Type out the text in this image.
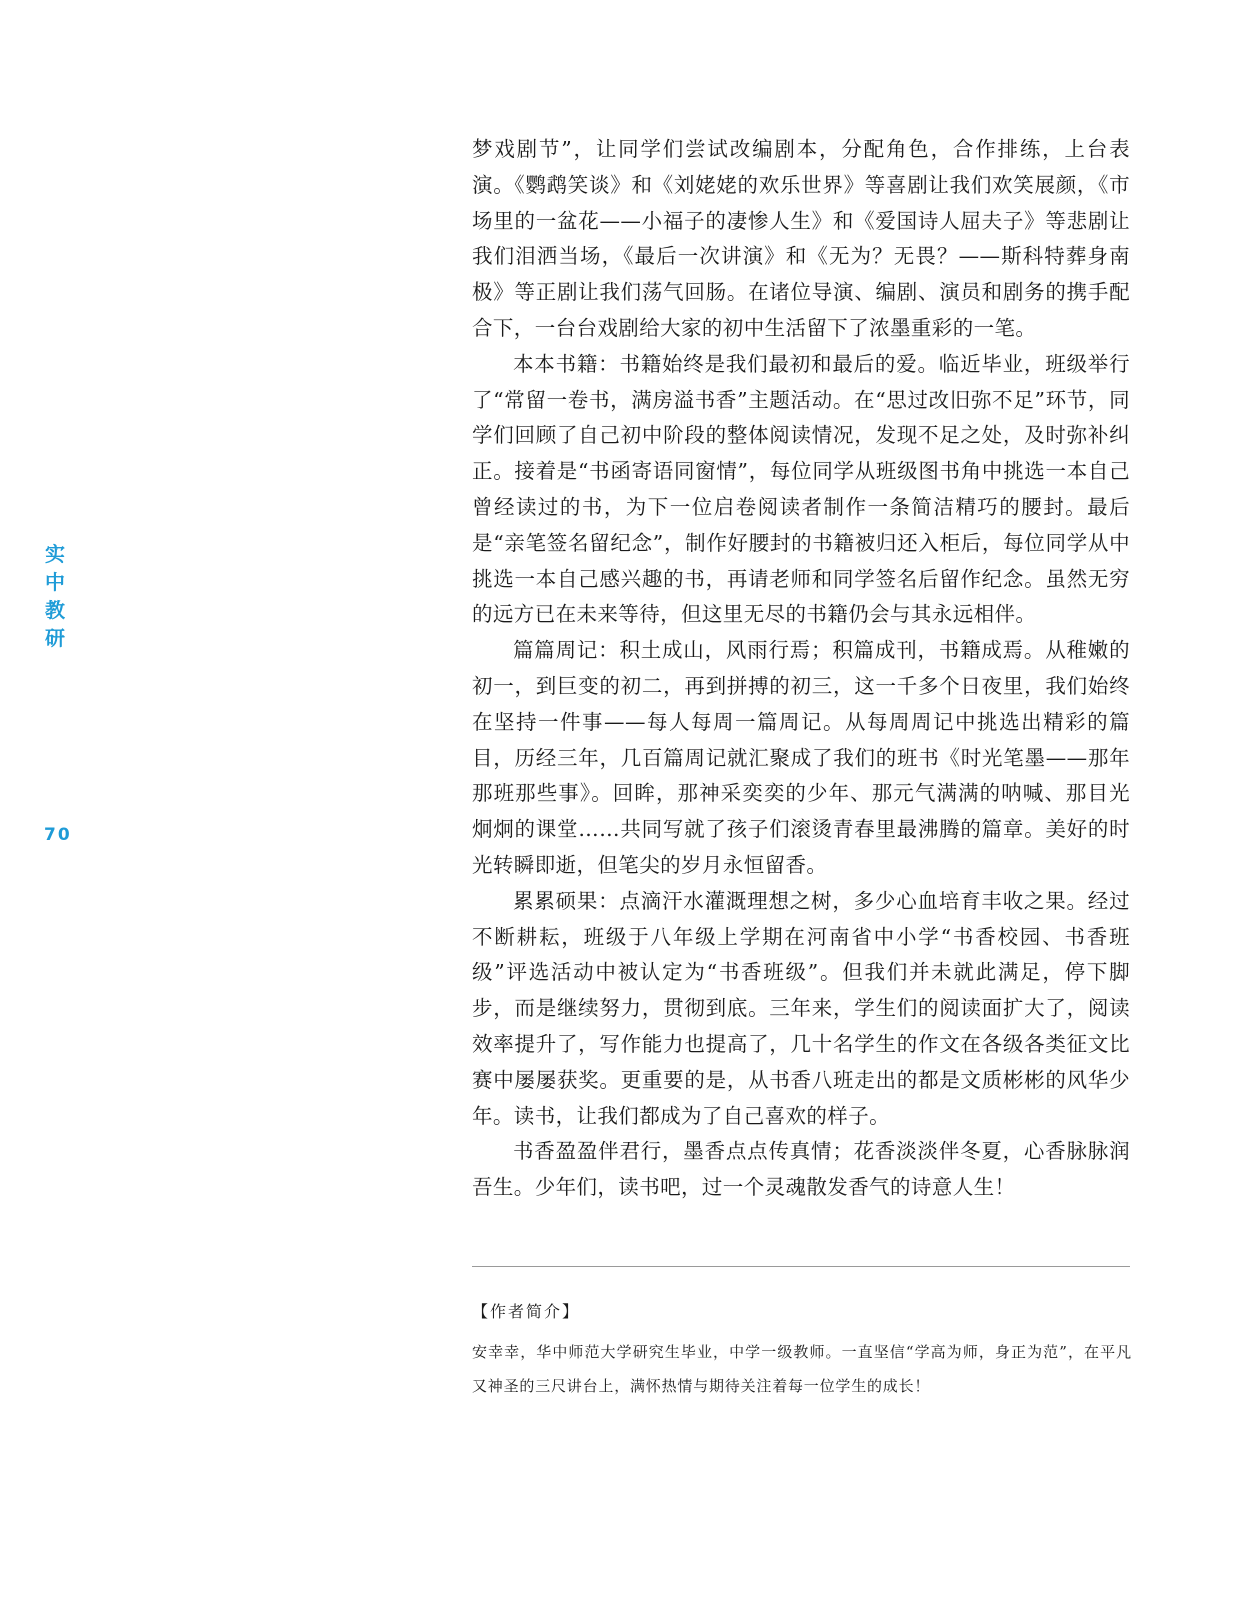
实中教研
70

梦戏剧节”，让同学们尝试改编剧本，分配角色，合作排练，上台表演。《鹦鹉笑谈》和《刘姥姥的欢乐世界》等喜剧让我们欢笑展颜，《市场里的一盆花——小福子的凄惨人生》和《爱国诗人屈夫子》等悲剧让我们泪洒当场，《最后一次讲演》和《无为？无畏？——斯科特葬身南极》等正剧让我们荡气回肠。在诸位导演、编剧、演员和剧务的携手配合下，一台台戏剧给大家的初中生活留下了浓墨重彩的一笔。

本本书籍：书籍始终是我们最初和最后的爱。临近毕业，班级举行了“常留一卷书，满房溢书香”主题活动。在“思过改旧弥不足”环节，同学们回顾了自己初中阶段的整体阅读情况，发现不足之处，及时弥补纠正。接着是“书函寄语同窗情”，每位同学从班级图书角中挑选一本自己曾经读过的书，为下一位启卷阅读者制作一条简洁精巧的腰封。最后是“亲笔签名留纪念”，制作好腰封的书籍被归还入柜后，每位同学从中挑选一本自己感兴趣的书，再请老师和同学签名后留作纪念。虽然无穷的远方已在未来等待，但这里无尽的书籍仍会与其永远相伴。

篇篇周记：积土成山，风雨行焉；积篇成刊，书籍成焉。从稚嫩的初一，到巨变的初二，再到拼搏的初三，这一千多个日夜里，我们始终在坚持一件事——每人每周一篇周记。从每周周记中挑选出精彩的篇目，历经三年，几百篇周记就汇聚成了我们的班书《时光笔墨——那年那班那些事》。回眸，那神采奕奕的少年、那元气满满的呐喊、那目光炯炯的课堂……共同写就了孩子们滚烫青春里最沸腾的篇章。美好的时光转瞬即逝，但笔尖的岁月永恒留香。

累累硕果：点滴汗水灌溉理想之树，多少心血培育丰收之果。经过不断耕耘，班级于八年级上学期在河南省中小学“书香校园、书香班级”评选活动中被认定为“书香班级”。但我们并未就此满足，停下脚步，而是继续努力，贯彻到底。三年来，学生们的阅读面扩大了，阅读效率提升了，写作能力也提高了，几十名学生的作文在各级各类征文比赛中屡屡获奖。更重要的是，从书香八班走出的都是文质彬彬的风华少年。读书，让我们都成为了自己喜欢的样子。

书香盈盈伴君行，墨香点点传真情；花香淡淡伴冬夏，心香脉脉润吾生。少年们，读书吧，过一个灵魂散发香气的诗意人生！

【作者简介】
安幸幸，华中师范大学研究生毕业，中学一级教师。一直坚信“学高为师，身正为范”，在平凡又神圣的三尺讲台上，满怀热情与期待关注着每一位学生的成长！
